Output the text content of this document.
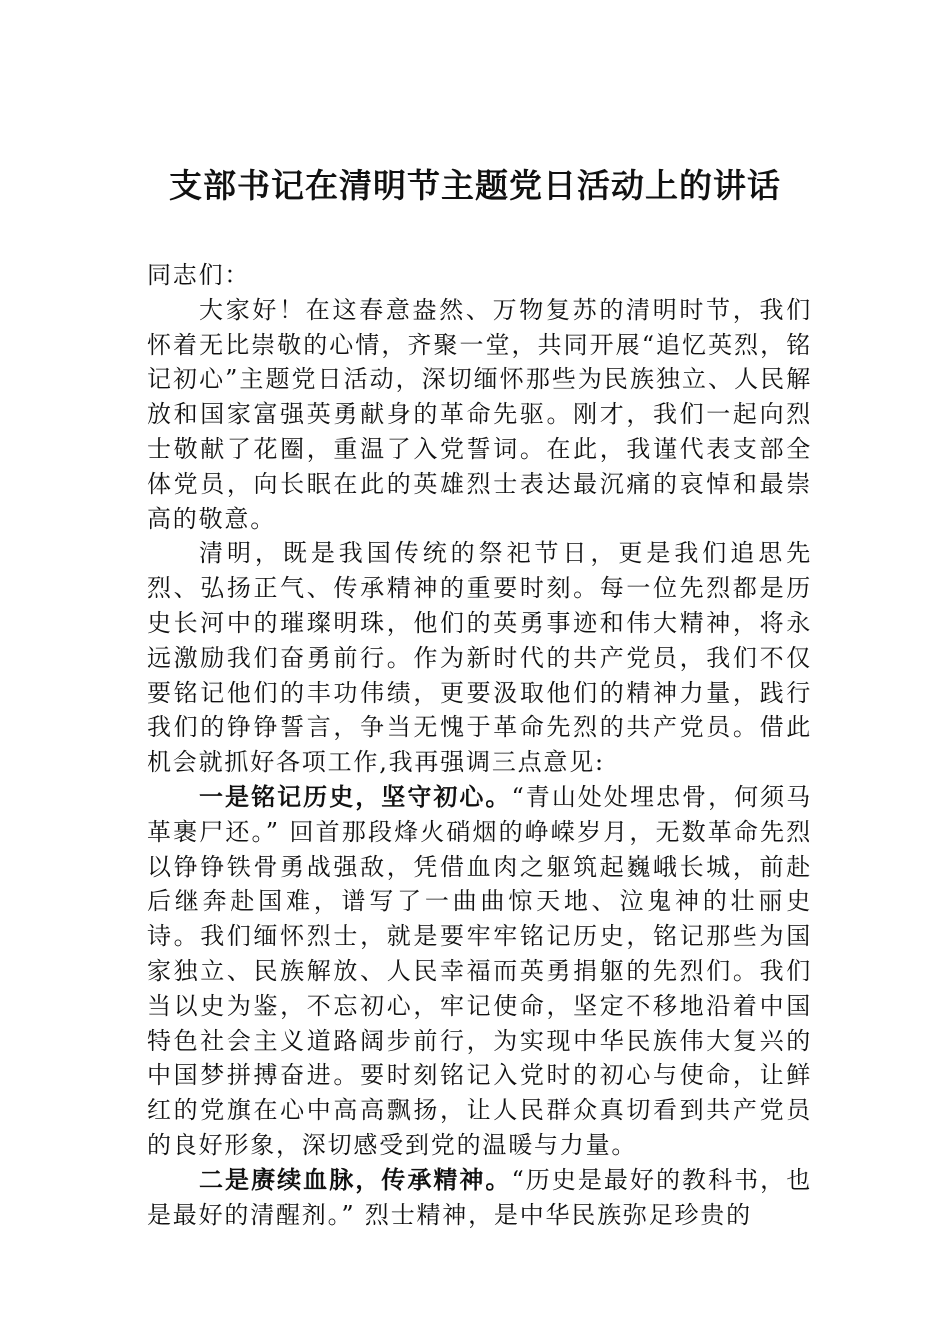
支部书记在清明节主题党日活动上的讲话

同志们：

大家好！在这春意盎然、万物复苏的清明时节，我们怀着无比崇敬的心情，齐聚一堂，共同开展“追忆英烈，铭记初心”主题党日活动，深切缅怀那些为民族独立、人民解放和国家富强英勇献身的革命先驱。刚才，我们一起向烈士敬献了花圈，重温了入党誓词。在此，我谨代表支部全体党员，向长眠在此的英雄烈士表达最沉痛的哀悼和最崇高的敬意。

清明，既是我国传统的祭祀节日，更是我们追思先烈、弘扬正气、传承精神的重要时刻。每一位先烈都是历史长河中的璀璨明珠，他们的英勇事迹和伟大精神，将永远激励我们奋勇前行。作为新时代的共产党员，我们不仅要铭记他们的丰功伟绩，更要汲取他们的精神力量，践行我们的铮铮誓言，争当无愧于革命先烈的共产党员。借此机会就抓好各项工作,我再强调三点意见:

一是铭记历史，坚守初心。“青山处处埋忠骨，何须马革裹尸还。” 回首那段烽火硝烟的峥嵘岁月，无数革命先烈以铮铮铁骨勇战强敌，凭借血肉之躯筑起巍峨长城，前赴后继奔赴国难，谱写了一曲曲惊天地、泣鬼神的壮丽史诗。我们缅怀烈士，就是要牢牢铭记历史，铭记那些为国家独立、民族解放、人民幸福而英勇捐躯的先烈们。我们当以史为鉴，不忘初心，牢记使命，坚定不移地沿着中国特色社会主义道路阔步前行，为实现中华民族伟大复兴的中国梦拼搏奋进。要时刻铭记入党时的初心与使命，让鲜红的党旗在心中高高飘扬，让人民群众真切看到共产党员的良好形象，深切感受到党的温暖与力量。

二是赓续血脉，传承精神。“历史是最好的教科书，也是最好的清醒剂。” 烈士精神，是中华民族弥足珍贵的
